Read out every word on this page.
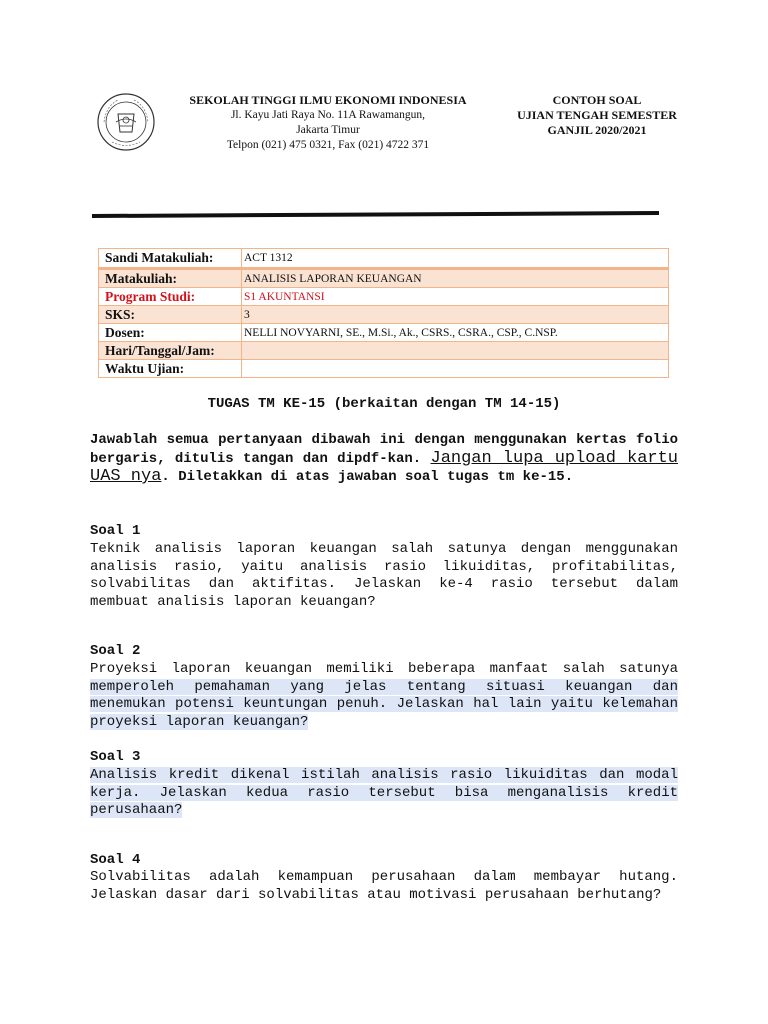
SEKOLAH TINGGI ILMU EKONOMI INDONESIA
Jl. Kayu Jati Raya No. 11A Rawamangun,
Jakarta Timur
Telpon (021) 475 0321, Fax (021) 4722 371
CONTOH SOAL
UJIAN TENGAH SEMESTER
GANJIL 2020/2021
Sandi Matakuliah:	ACT 1312
Matakuliah:	ANALISIS LAPORAN KEUANGAN
Program Studi:	S1 AKUNTANSI
SKS:	3
Dosen:	NELLI NOVYARNI, SE., M.Si., Ak., CSRS., CSRA., CSP., C.NSP.
Hari/Tanggal/Jam:	
Waktu Ujian:	
TUGAS TM KE-15 (berkaitan dengan TM 14-15)
Jawablah semua pertanyaan dibawah ini dengan menggunakan kertas folio bergaris, ditulis tangan dan dipdf-kan. Jangan lupa upload kartu UAS nya. Diletakkan di atas jawaban soal tugas tm ke-15.
Soal 1
Teknik analisis laporan keuangan salah satunya dengan menggunakan analisis rasio, yaitu analisis rasio likuiditas, profitabilitas, solvabilitas dan aktifitas. Jelaskan ke-4 rasio tersebut dalam membuat analisis laporan keuangan?
Soal 2
Proyeksi laporan keuangan memiliki beberapa manfaat salah satunya memperoleh pemahaman yang jelas tentang situasi keuangan dan menemukan potensi keuntungan penuh. Jelaskan hal lain yaitu kelemahan proyeksi laporan keuangan?
Soal 3
Analisis kredit dikenal istilah analisis rasio likuiditas dan modal kerja. Jelaskan kedua rasio tersebut bisa menganalisis kredit perusahaan?
Soal 4
Solvabilitas adalah kemampuan perusahaan dalam membayar hutang. Jelaskan dasar dari solvabilitas atau motivasi perusahaan berhutang?
